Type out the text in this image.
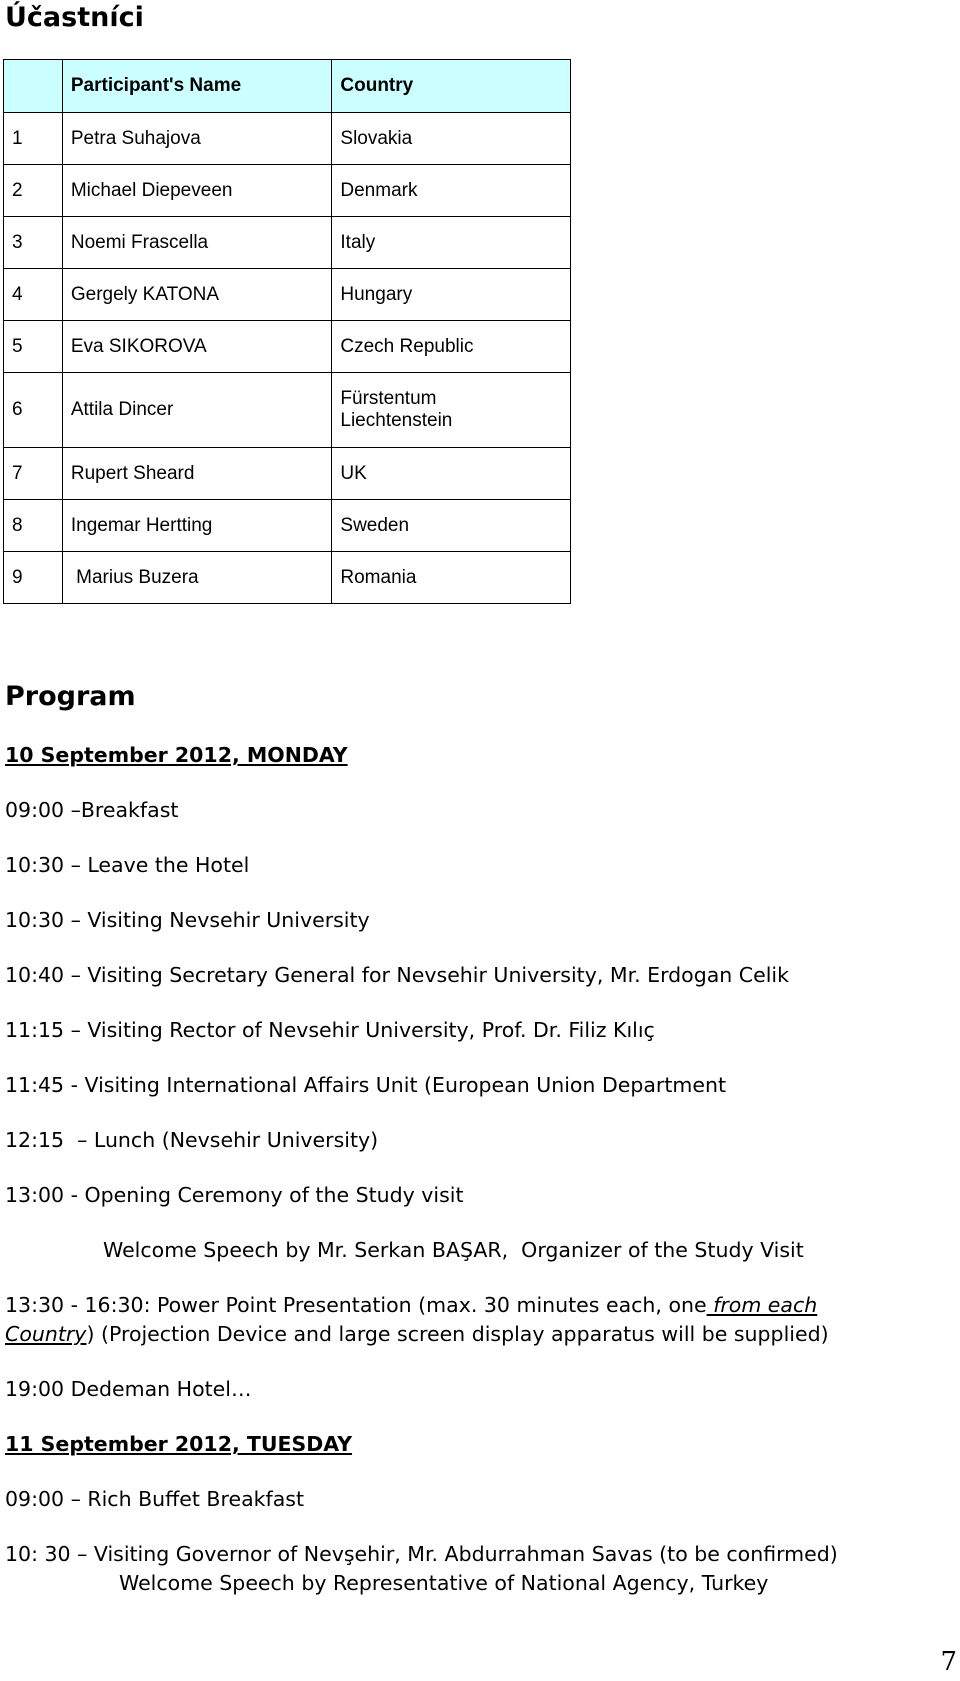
Účastníci
	Participant's Name	Country
1	Petra Suhajova	Slovakia
2	Michael Diepeveen	Denmark
3	Noemi Frascella	Italy
4	Gergely KATONA	Hungary
5	Eva SIKOROVA	Czech Republic
6	Attila Dincer	Fürstentum
Liechtenstein
7	Rupert Sheard	UK
8	Ingemar Hertting	Sweden
9	Marius Buzera	Romania
Program

10 September 2012, MONDAY

09:00 –Breakfast

10:30 – Leave the Hotel

10:30 – Visiting Nevsehir University

10:40 – Visiting Secretary General for Nevsehir University, Mr. Erdogan Celik

11:15 – Visiting Rector of Nevsehir University, Prof. Dr. Filiz Kılıç

11:45 - Visiting International Affairs Unit (European Union Department

12:15  – Lunch (Nevsehir University)

13:00 - Opening Ceremony of the Study visit

Welcome Speech by Mr. Serkan BAŞAR,  Organizer of the Study Visit

13:30 - 16:30: Power Point Presentation (max. 30 minutes each, one from each
Country) (Projection Device and large screen display apparatus will be supplied)

19:00 Dedeman Hotel…

11 September 2012, TUESDAY

09:00 – Rich Buffet Breakfast

10: 30 – Visiting Governor of Nevşehir, Mr. Abdurrahman Savas (to be confirmed)
Welcome Speech by Representative of National Agency, Turkey

7
